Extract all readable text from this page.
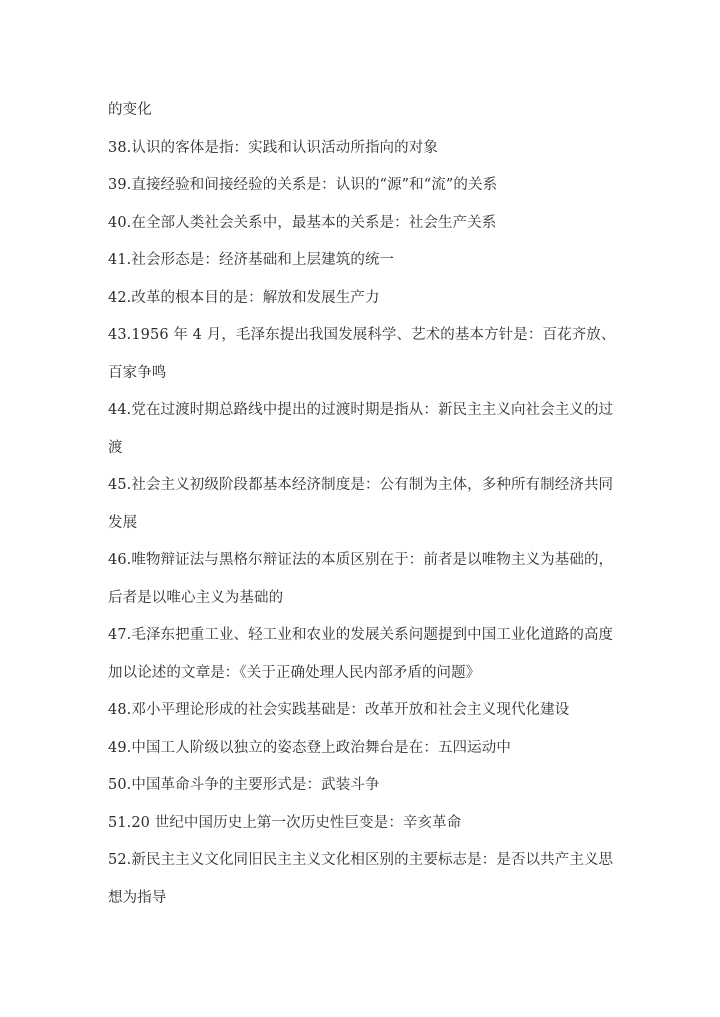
的变化
38.认识的客体是指：实践和认识活动所指向的对象
39.直接经验和间接经验的关系是：认识的“源”和“流”的关系
40.在全部人类社会关系中，最基本的关系是：社会生产关系
41.社会形态是：经济基础和上层建筑的统一
42.改革的根本目的是：解放和发展生产力
43.1956 年 4 月，毛泽东提出我国发展科学、艺术的基本方针是：百花齐放、
百家争鸣
44.党在过渡时期总路线中提出的过渡时期是指从：新民主主义向社会主义的过
渡
45.社会主义初级阶段都基本经济制度是：公有制为主体，多种所有制经济共同
发展
46.唯物辩证法与黑格尔辩证法的本质区别在于：前者是以唯物主义为基础的，
后者是以唯心主义为基础的
47.毛泽东把重工业、轻工业和农业的发展关系问题提到中国工业化道路的高度
加以论述的文章是：《关于正确处理人民内部矛盾的问题》
48.邓小平理论形成的社会实践基础是：改革开放和社会主义现代化建设
49.中国工人阶级以独立的姿态登上政治舞台是在：五四运动中
50.中国革命斗争的主要形式是：武装斗争
51.20 世纪中国历史上第一次历史性巨变是：辛亥革命
52.新民主主义文化同旧民主主义文化相区别的主要标志是：是否以共产主义思
想为指导
